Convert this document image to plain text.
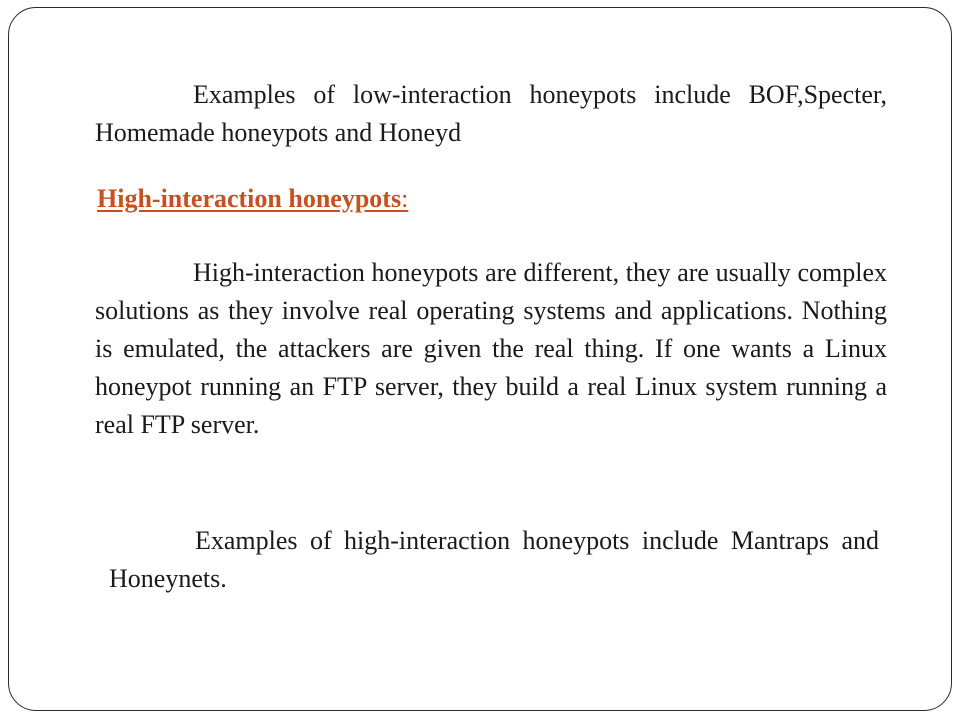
Examples of low-interaction honeypots include BOF,Specter, Homemade honeypots and Honeyd

High-interaction honeypots:

High-interaction honeypots are different, they are usually complex solutions as they involve real operating systems and applications. Nothing is emulated, the attackers are given the real thing. If one wants a Linux honeypot running an FTP server, they build a real Linux system running a real FTP server.

Examples of high-interaction honeypots include Mantraps and Honeynets.
